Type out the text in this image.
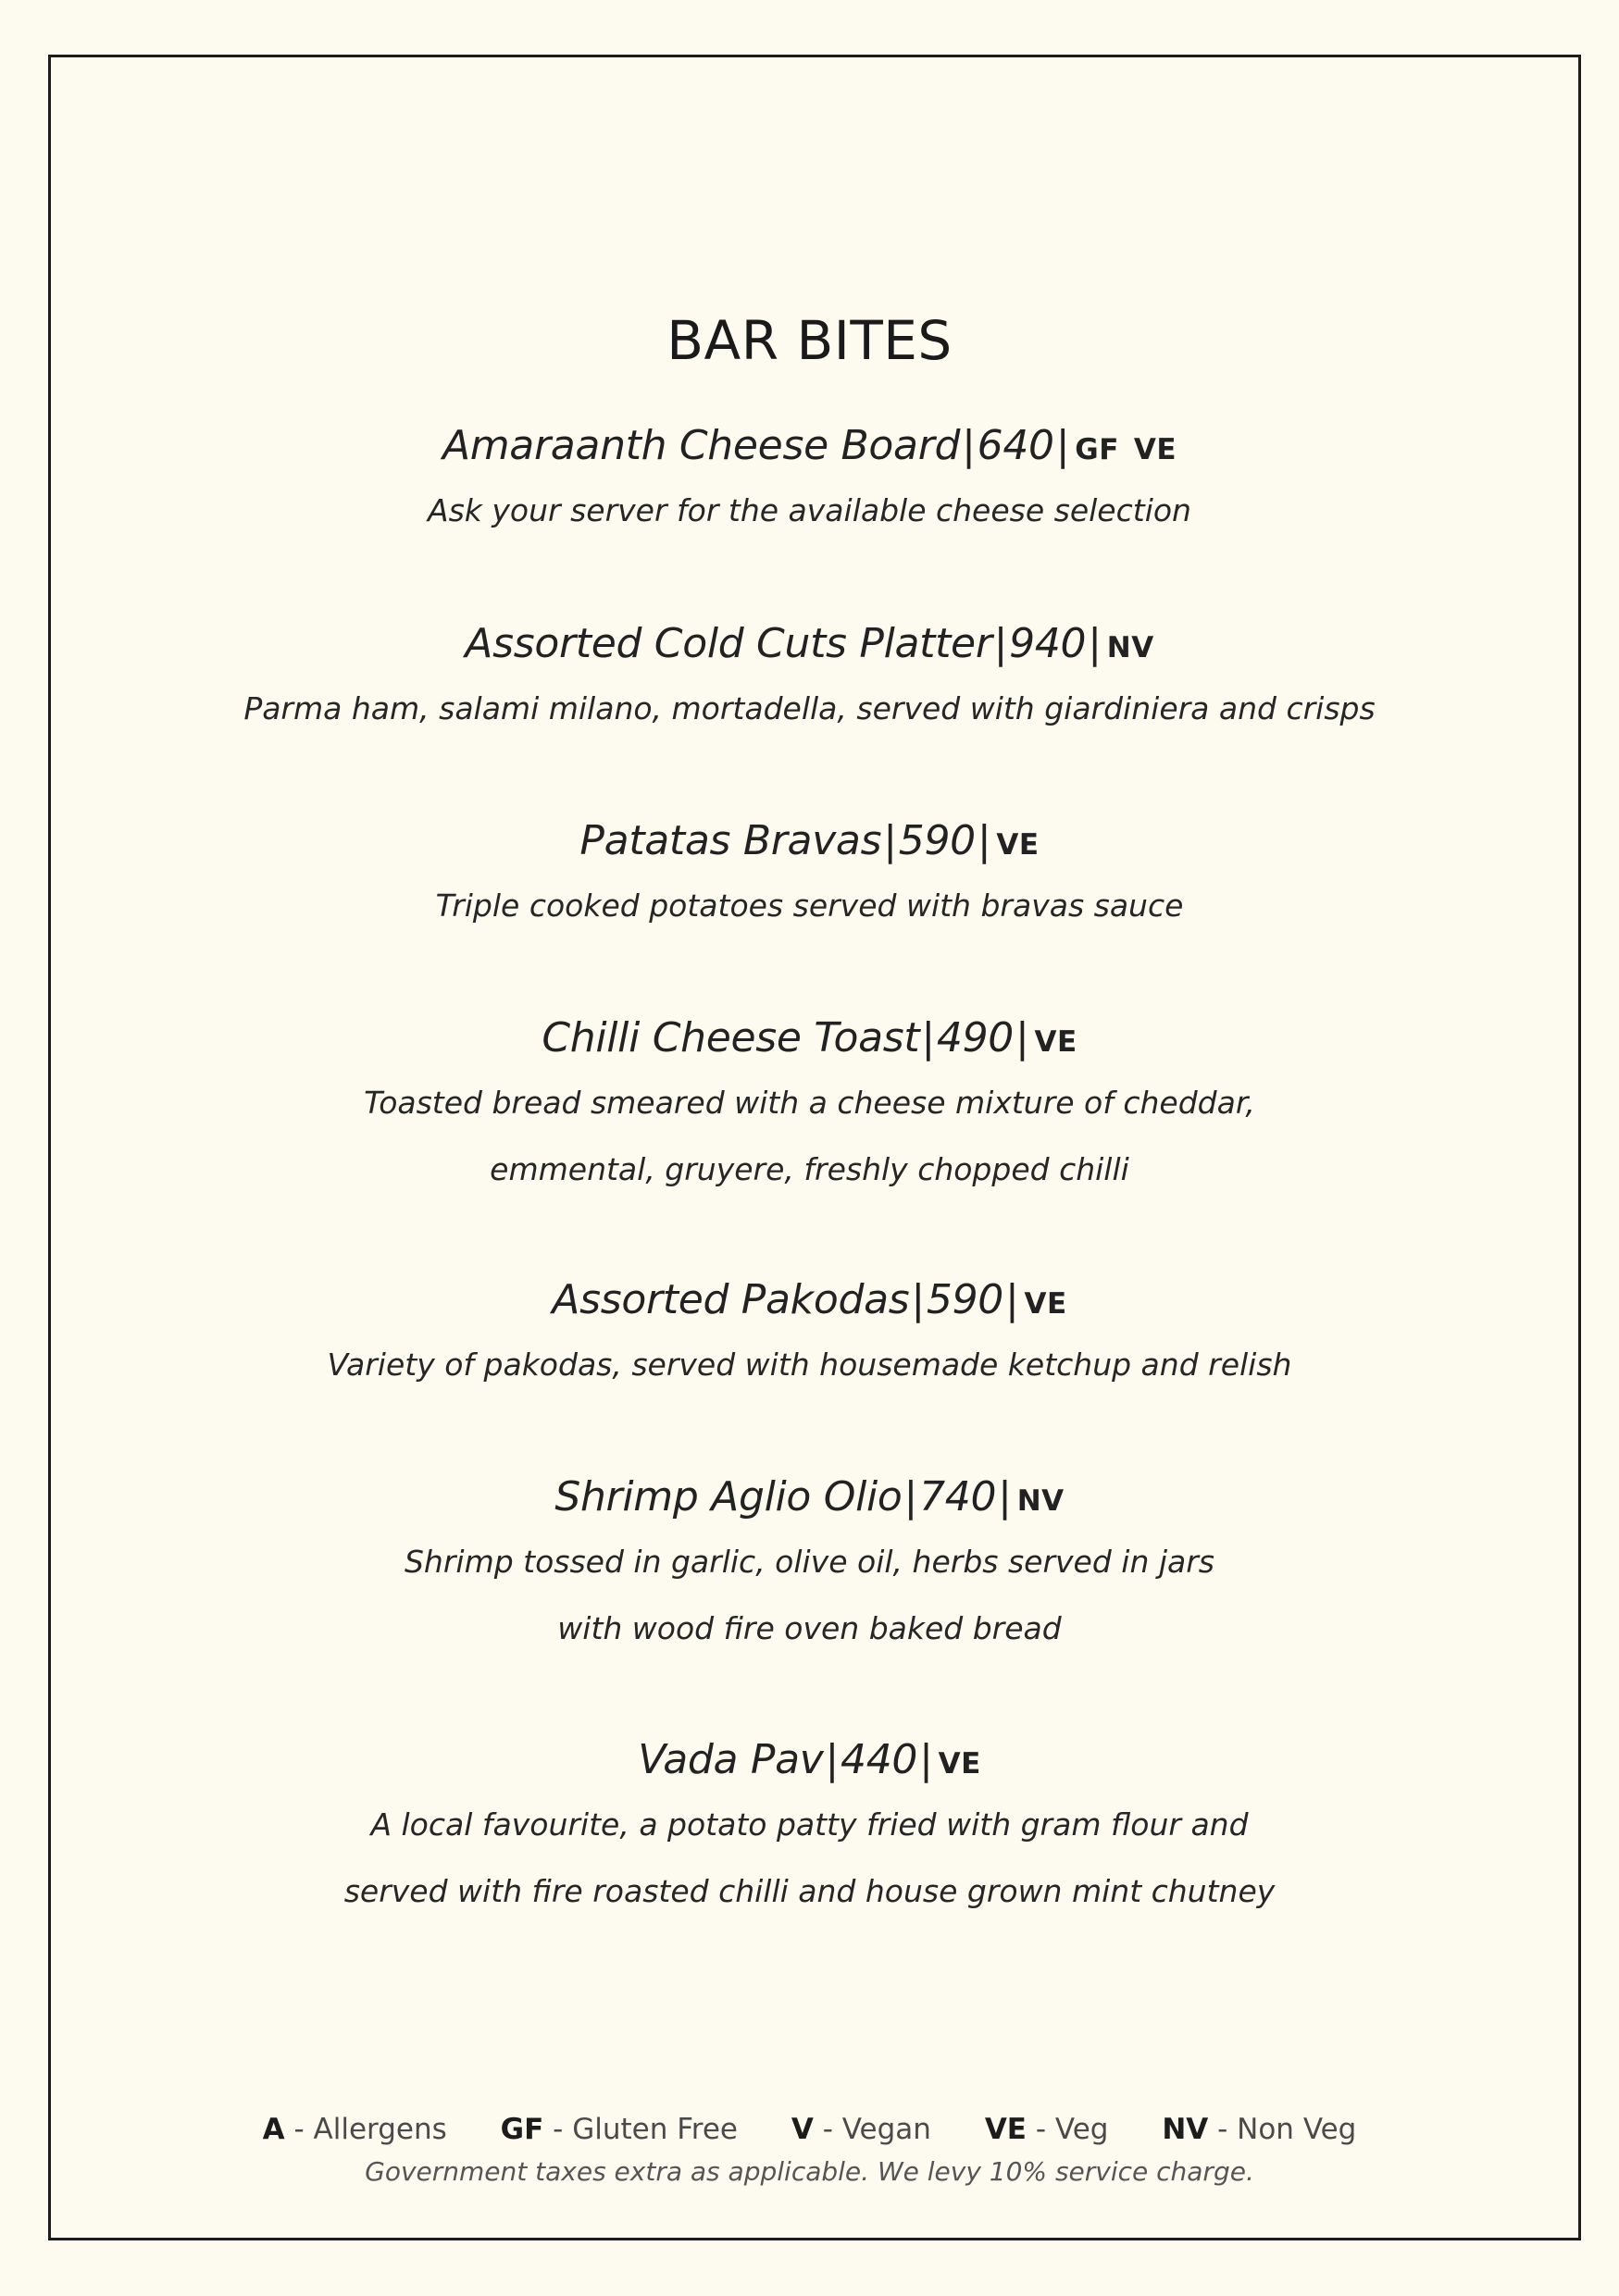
BAR BITES
Amaraanth Cheese Board|640| GF VE
Ask your server for the available cheese selection
Assorted Cold Cuts Platter|940| NV
Parma ham, salami milano, mortadella, served with giardiniera and crisps
Patatas Bravas|590| VE
Triple cooked potatoes served with bravas sauce
Chilli Cheese Toast|490| VE
Toasted bread smeared with a cheese mixture of cheddar,
emmental, gruyere, freshly chopped chilli
Assorted Pakodas|590| VE
Variety of pakodas, served with housemade ketchup and relish
Shrimp Aglio Olio|740| NV
Shrimp tossed in garlic, olive oil, herbs served in jars
with wood fire oven baked bread
Vada Pav|440| VE
A local favourite, a potato patty fried with gram flour and
served with fire roasted chilli and house grown mint chutney
A - Allergens GF - Gluten Free V - Vegan VE - Veg NV - Non Veg
Government taxes extra as applicable. We levy 10% service charge.
